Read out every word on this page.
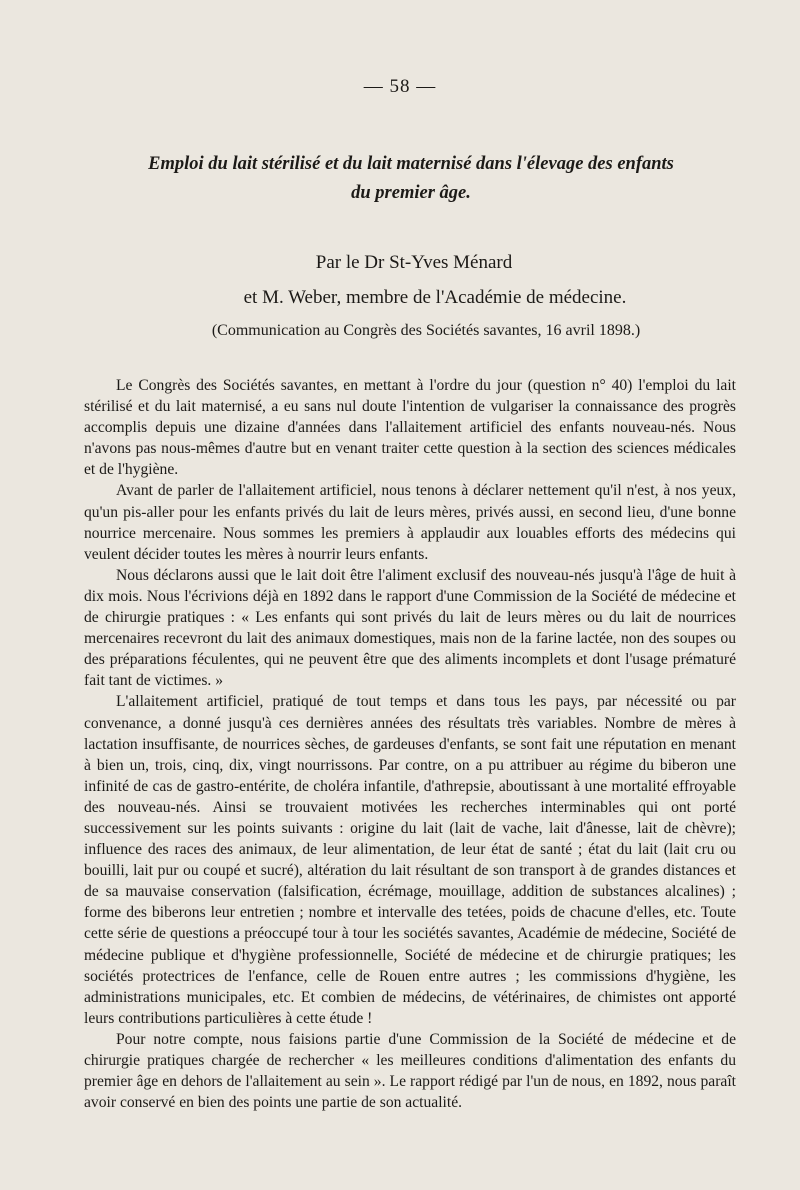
— 58 —
Emploi du lait stérilisé et du lait maternisé dans l'élevage des enfants
du premier âge.
Par le Dr St-Yves Ménard
et M. Weber, membre de l'Académie de médecine.
(Communication au Congrès des Sociétés savantes, 16 avril 1898.)

Le Congrès des Sociétés savantes, en mettant à l'ordre du jour (question n° 40) l'emploi du lait stérilisé et du lait maternisé, a eu sans nul doute l'intention de vulgariser la connaissance des progrès accomplis depuis une dizaine d'années dans l'allaitement artificiel des enfants nouveau-nés. Nous n'avons pas nous-mêmes d'autre but en venant traiter cette question à la section des sciences médicales et de l'hygiène.

Avant de parler de l'allaitement artificiel, nous tenons à déclarer nettement qu'il n'est, à nos yeux, qu'un pis-aller pour les enfants privés du lait de leurs mères, privés aussi, en second lieu, d'une bonne nourrice mercenaire. Nous sommes les premiers à applaudir aux louables efforts des médecins qui veulent décider toutes les mères à nourrir leurs enfants.

Nous déclarons aussi que le lait doit être l'aliment exclusif des nouveau-nés jusqu'à l'âge de huit à dix mois. Nous l'écrivions déjà en 1892 dans le rapport d'une Commission de la Société de médecine et de chirurgie pratiques : « Les enfants qui sont privés du lait de leurs mères ou du lait de nourrices mercenaires recevront du lait des animaux domestiques, mais non de la farine lactée, non des soupes ou des préparations féculentes, qui ne peuvent être que des aliments incomplets et dont l'usage prématuré fait tant de victimes. »

L'allaitement artificiel, pratiqué de tout temps et dans tous les pays, par nécessité ou par convenance, a donné jusqu'à ces dernières années des résultats très variables. Nombre de mères à lactation insuffisante, de nourrices sèches, de gardeuses d'enfants, se sont fait une réputation en menant à bien un, trois, cinq, dix, vingt nourrissons. Par contre, on a pu attribuer au régime du biberon une infinité de cas de gastro-entérite, de choléra infantile, d'athrepsie, aboutissant à une mortalité effroyable des nouveau-nés. Ainsi se trouvaient motivées les recherches interminables qui ont porté successivement sur les points suivants : origine du lait (lait de vache, lait d'ânesse, lait de chèvre); influence des races des animaux, de leur alimentation, de leur état de santé ; état du lait (lait cru ou bouilli, lait pur ou coupé et sucré), altération du lait résultant de son transport à de grandes distances et de sa mauvaise conservation (falsification, écrémage, mouillage, addition de substances alcalines) ; forme des biberons leur entretien ; nombre et intervalle des tetées, poids de chacune d'elles, etc. Toute cette série de questions a préoccupé tour à tour les sociétés savantes, Académie de médecine, Société de médecine publique et d'hygiène professionnelle, Société de médecine et de chirurgie pratiques; les sociétés protectrices de l'enfance, celle de Rouen entre autres ; les commissions d'hygiène, les administrations municipales, etc. Et combien de médecins, de vétérinaires, de chimistes ont apporté leurs contributions particulières à cette étude !

Pour notre compte, nous faisions partie d'une Commission de la Société de médecine et de chirurgie pratiques chargée de rechercher « les meilleures conditions d'alimentation des enfants du premier âge en dehors de l'allaitement au sein ». Le rapport rédigé par l'un de nous, en 1892, nous paraît avoir conservé en bien des points une partie de son actualité.
